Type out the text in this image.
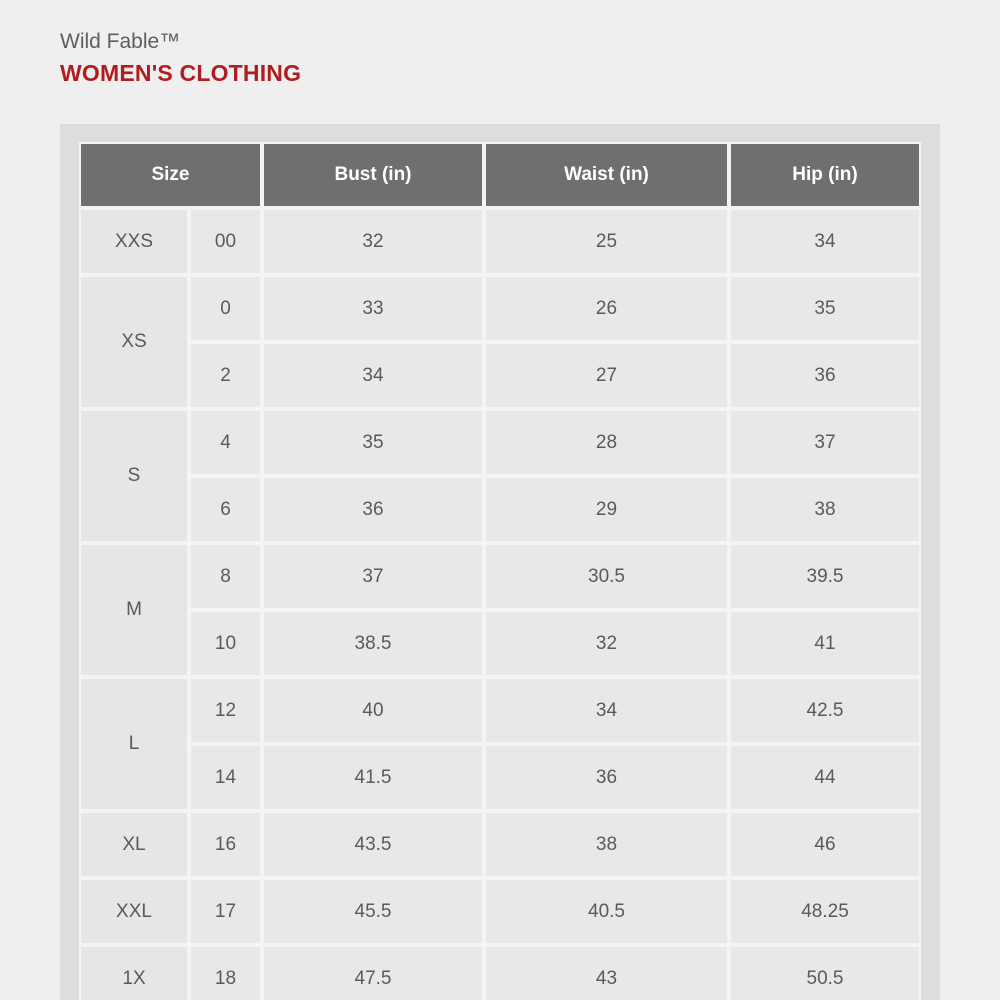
Wild Fable™
WOMEN'S CLOTHING
Size		Bust (in)	Waist (in)	Hip (in)
XXS	00	32	25	34
XS	0	33	26	35
	2	34	27	36
S	4	35	28	37
	6	36	29	38
M	8	37	30.5	39.5
	10	38.5	32	41
L	12	40	34	42.5
	14	41.5	36	44
XL	16	43.5	38	46
XXL	17	45.5	40.5	48.25
1X	18	47.5	43	50.5
